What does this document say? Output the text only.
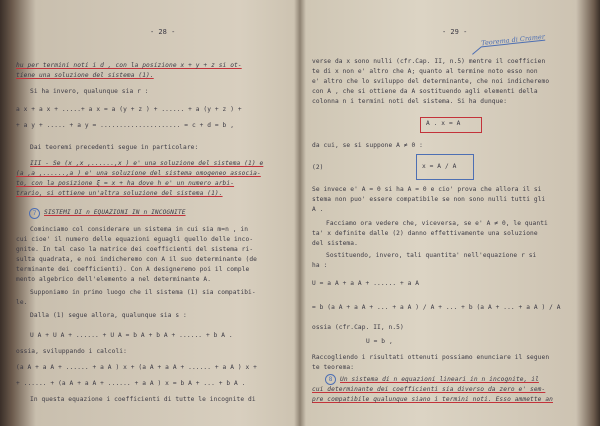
- 28 -
hu per termini noti i d , con la posizione x + y + z si ot-
tiene una soluzione del sistema (1).
Si ha invero, qualunque sia r :
a x + a x + .....+ a x = a (y + z ) + ...... + a (y + z ) +
+ a y + ..... + a y = ..................... = c + d = b ,
Dai teoremi precedenti segue in particolare:
III - Se (x ,x ,......,x ) e' una soluzione del sistema (1) e
(a ,a ,......,a ) e' una soluzione del sistema omogeneo associa-
to, con la posizione ξ = x + ha dove h e' un numero arbi-
trario, si ottiene un'altra soluzione del sistema (1).
7	SISTEMI DI n EQUAZIONI IN n INCOGNITE
Cominciamo col considerare un sistema in cui sia m=n , in
cui cioe' il numero delle equazioni eguagli quello delle inco-
gnite. In tal caso la matrice dei coefficienti del sistema ri-
sulta quadrata, e noi indicheremo con A il suo determinante (de
terminante dei coefficienti). Con A designeremo poi il comple
mento algebrico dell'elemento a nel determinante A.
Supponiamo in primo luogo che il sistema (1) sia compatibi-
le.
Dalla (1) segue allora, qualunque sia s :
U A + U A + ...... + U A = b A + b A + ...... + b A .
ossia, sviluppando i calcoli:
(a A + a A + ...... + a A ) x + (a A + a A + ...... + a A ) x +
+ ...... + (a A + a A + ...... + a A ) x = b A + ... + b A .
In questa equazione i coefficienti di tutte le incognite di
- 29 -
Teorema di Cramer
verse da x sono nulli (cfr.Cap. II, n.5) mentre il coefficien
te di x non e' altro che A; quanto al termine noto esso non
e' altro che lo sviluppo del determinante, che noi indicheremo
con A , che si ottiene da A sostituendo agli elementi della
colonna n i termini noti del sistema. Si ha dunque:
A . x = A
da cui, se si suppone A ≠ 0 :
(2)	x = A / A
Se invece e' A = 0 si ha A = 0 e cio' prova che allora il si
stema non puo' essere compatibile se non sono nulli tutti gli
A .
Facciamo ora vedere che, viceversa, se e' A ≠ 0, le quanti
ta' x definite dalle (2) danno effettivamente una soluzione
del sistema.
Sostituendo, invero, tali quantita' nell'equazione r si
ha :
U = a A + a A + ...... + a A
= b (a A + a A + ... + a A ) / A + ... + b (a A + ... + a A ) / A
ossia (cfr.Cap. II, n.5)
U = b ,
Raccogliendo i risultati ottenuti possiamo enunciare il seguen
te teorema:
8	Un sistema di n equazioni lineari in n incognite, il
cui determinante dei coefficienti sia diverso da zero e' sem-
pre compatibile qualunque siano i termini noti. Esso ammette an
